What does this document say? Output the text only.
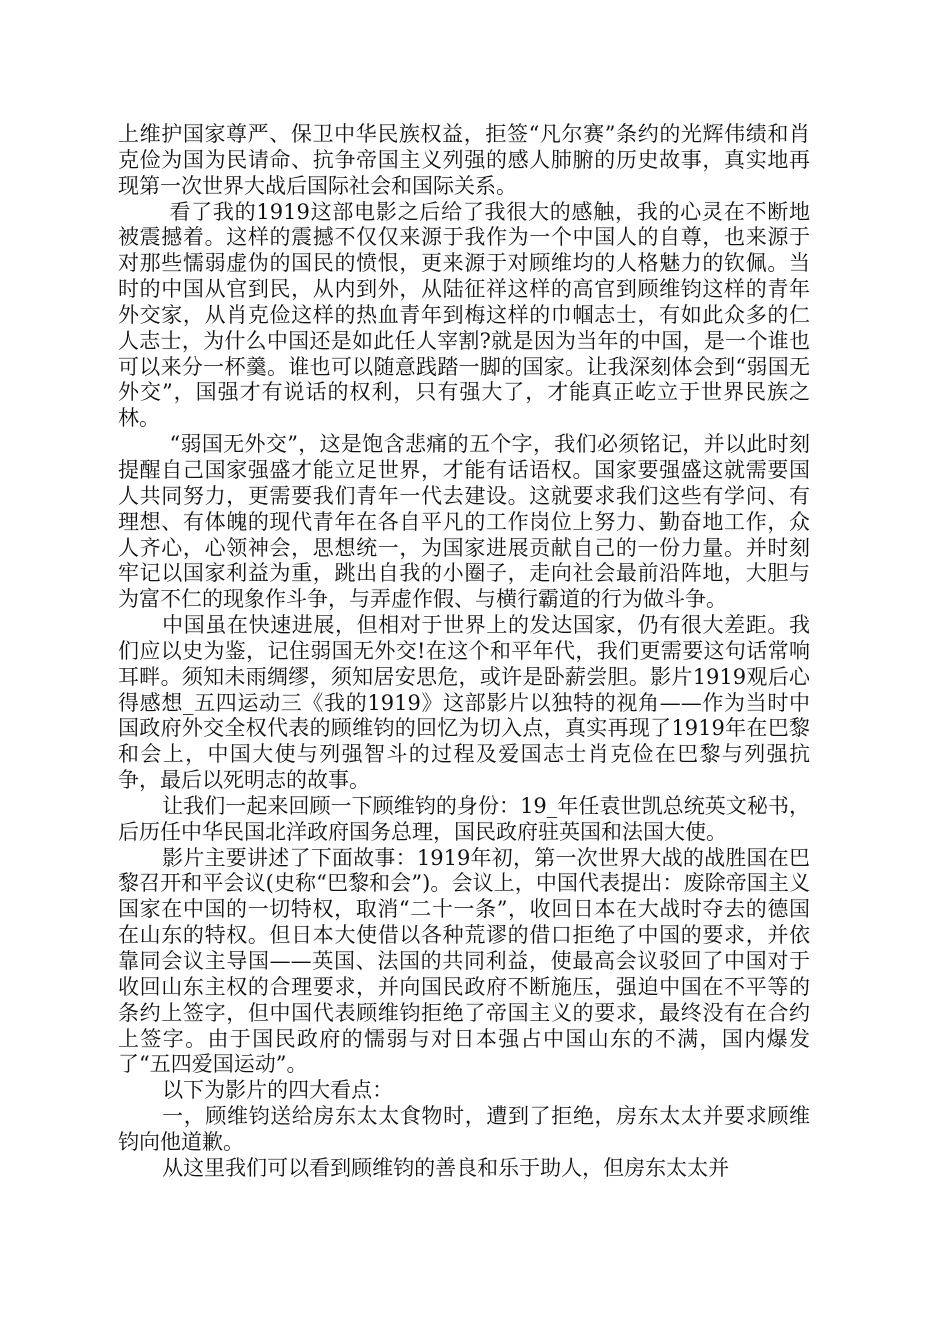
上维护国家尊严、保卫中华民族权益，拒签“凡尔赛”条约的光辉伟绩和肖克俭为国为民请命、抗争帝国主义列强的感人肺腑的历史故事，真实地再现第一次世界大战后国际社会和国际关系。

看了我的1919这部电影之后给了我很大的感触，我的心灵在不断地被震撼着。这样的震撼不仅仅来源于我作为一个中国人的自尊，也来源于对那些懦弱虚伪的国民的愤恨，更来源于对顾维均的人格魅力的钦佩。当时的中国从官到民，从内到外，从陆征祥这样的高官到顾维钧这样的青年外交家，从肖克俭这样的热血青年到梅这样的巾帼志士，有如此众多的仁人志士，为什么中国还是如此任人宰割?就是因为当年的中国，是一个谁也可以来分一杯羹。谁也可以随意践踏一脚的国家。让我深刻体会到“弱国无外交”，国强才有说话的权利，只有强大了，才能真正屹立于世界民族之林。

“弱国无外交”，这是饱含悲痛的五个字，我们必须铭记，并以此时刻提醒自己国家强盛才能立足世界，才能有话语权。国家要强盛这就需要国人共同努力，更需要我们青年一代去建设。这就要求我们这些有学问、有理想、有体魄的现代青年在各自平凡的工作岗位上努力、勤奋地工作，众人齐心，心领神会，思想统一，为国家进展贡献自己的一份力量。并时刻牢记以国家利益为重，跳出自我的小圈子，走向社会最前沿阵地，大胆与为富不仁的现象作斗争，与弄虚作假、与横行霸道的行为做斗争。

中国虽在快速进展，但相对于世界上的发达国家，仍有很大差距。我们应以史为鉴，记住弱国无外交!在这个和平年代，我们更需要这句话常响耳畔。须知未雨绸缪，须知居安思危，或许是卧薪尝胆。影片1919观后心得感想_五四运动三《我的1919》这部影片以独特的视角——作为当时中国政府外交全权代表的顾维钧的回忆为切入点，真实再现了1919年在巴黎和会上，中国大使与列强智斗的过程及爱国志士肖克俭在巴黎与列强抗争，最后以死明志的故事。

让我们一起来回顾一下顾维钧的身份：19_年任袁世凯总统英文秘书，后历任中华民国北洋政府国务总理，国民政府驻英国和法国大使。

影片主要讲述了下面故事：1919年初，第一次世界大战的战胜国在巴黎召开和平会议(史称“巴黎和会”)。会议上，中国代表提出：废除帝国主义国家在中国的一切特权，取消“二十一条”，收回日本在大战时夺去的德国在山东的特权。但日本大使借以各种荒谬的借口拒绝了中国的要求，并依靠同会议主导国——英国、法国的共同利益，使最高会议驳回了中国对于收回山东主权的合理要求，并向国民政府不断施压，强迫中国在不平等的条约上签字，但中国代表顾维钧拒绝了帝国主义的要求，最终没有在合约上签字。由于国民政府的懦弱与对日本强占中国山东的不满，国内爆发了“五四爱国运动”。

以下为影片的四大看点：

一，顾维钧送给房东太太食物时，遭到了拒绝，房东太太并要求顾维钧向他道歉。

从这里我们可以看到顾维钧的善良和乐于助人，但房东太太并
